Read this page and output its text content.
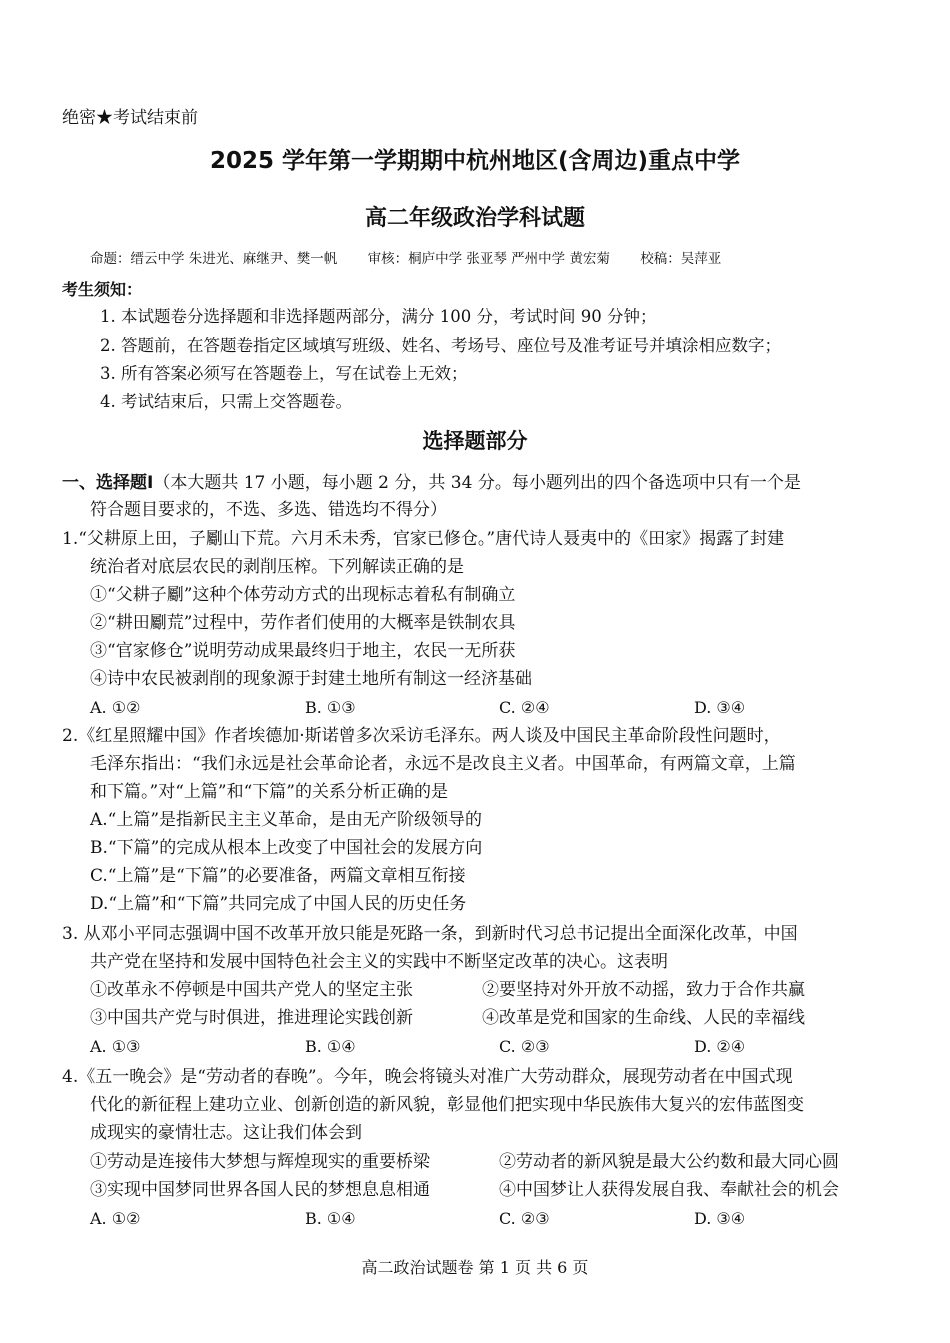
绝密★考试结束前
2025 学年第一学期期中杭州地区(含周边)重点中学
高二年级政治学科试题
命题：缙云中学 朱进光、麻继尹、樊一帆 审核：桐庐中学 张亚琴 严州中学 黄宏菊 校稿：吴萍亚
考生须知：
1. 本试题卷分选择题和非选择题两部分，满分 100 分，考试时间 90 分钟；
2. 答题前，在答题卷指定区域填写班级、姓名、考场号、座位号及准考证号并填涂相应数字；
3. 所有答案必须写在答题卷上，写在试卷上无效；
4. 考试结束后，只需上交答题卷。
选择题部分
一、选择题Ⅰ（本大题共 17 小题，每小题 2 分，共 34 分。每小题列出的四个备选项中只有一个是
符合题目要求的，不选、多选、错选均不得分）
1.“父耕原上田，子劚山下荒。六月禾未秀，官家已修仓。”唐代诗人聂夷中的《田家》揭露了封建
统治者对底层农民的剥削压榨。下列解读正确的是
①“父耕子劚”这种个体劳动方式的出现标志着私有制确立
②“耕田劚荒”过程中，劳作者们使用的大概率是铁制农具
③“官家修仓”说明劳动成果最终归于地主，农民一无所获
④诗中农民被剥削的现象源于封建土地所有制这一经济基础
A. ①②	B. ①③	C. ②④	D. ③④
2.《红星照耀中国》作者埃德加·斯诺曾多次采访毛泽东。两人谈及中国民主革命阶段性问题时，
毛泽东指出：“我们永远是社会革命论者，永远不是改良主义者。中国革命，有两篇文章，上篇
和下篇。”对“上篇”和“下篇”的关系分析正确的是
A.“上篇”是指新民主主义革命，是由无产阶级领导的
B.“下篇”的完成从根本上改变了中国社会的发展方向
C.“上篇”是“下篇”的必要准备，两篇文章相互衔接
D.“上篇”和“下篇”共同完成了中国人民的历史任务
3. 从邓小平同志强调中国不改革开放只能是死路一条，到新时代习总书记提出全面深化改革，中国
共产党在坚持和发展中国特色社会主义的实践中不断坚定改革的决心。这表明
①改革永不停顿是中国共产党人的坚定主张	②要坚持对外开放不动摇，致力于合作共赢
③中国共产党与时俱进，推进理论实践创新	④改革是党和国家的生命线、人民的幸福线
A. ①③	B. ①④	C. ②③	D. ②④
4.《五一晚会》是“劳动者的春晚”。今年，晚会将镜头对准广大劳动群众，展现劳动者在中国式现
代化的新征程上建功立业、创新创造的新风貌，彰显他们把实现中华民族伟大复兴的宏伟蓝图变
成现实的豪情壮志。这让我们体会到
①劳动是连接伟大梦想与辉煌现实的重要桥梁	②劳动者的新风貌是最大公约数和最大同心圆
③实现中国梦同世界各国人民的梦想息息相通	④中国梦让人获得发展自我、奉献社会的机会
A. ①②	B. ①④	C. ②③	D. ③④
高二政治试题卷 第 1 页 共 6 页
